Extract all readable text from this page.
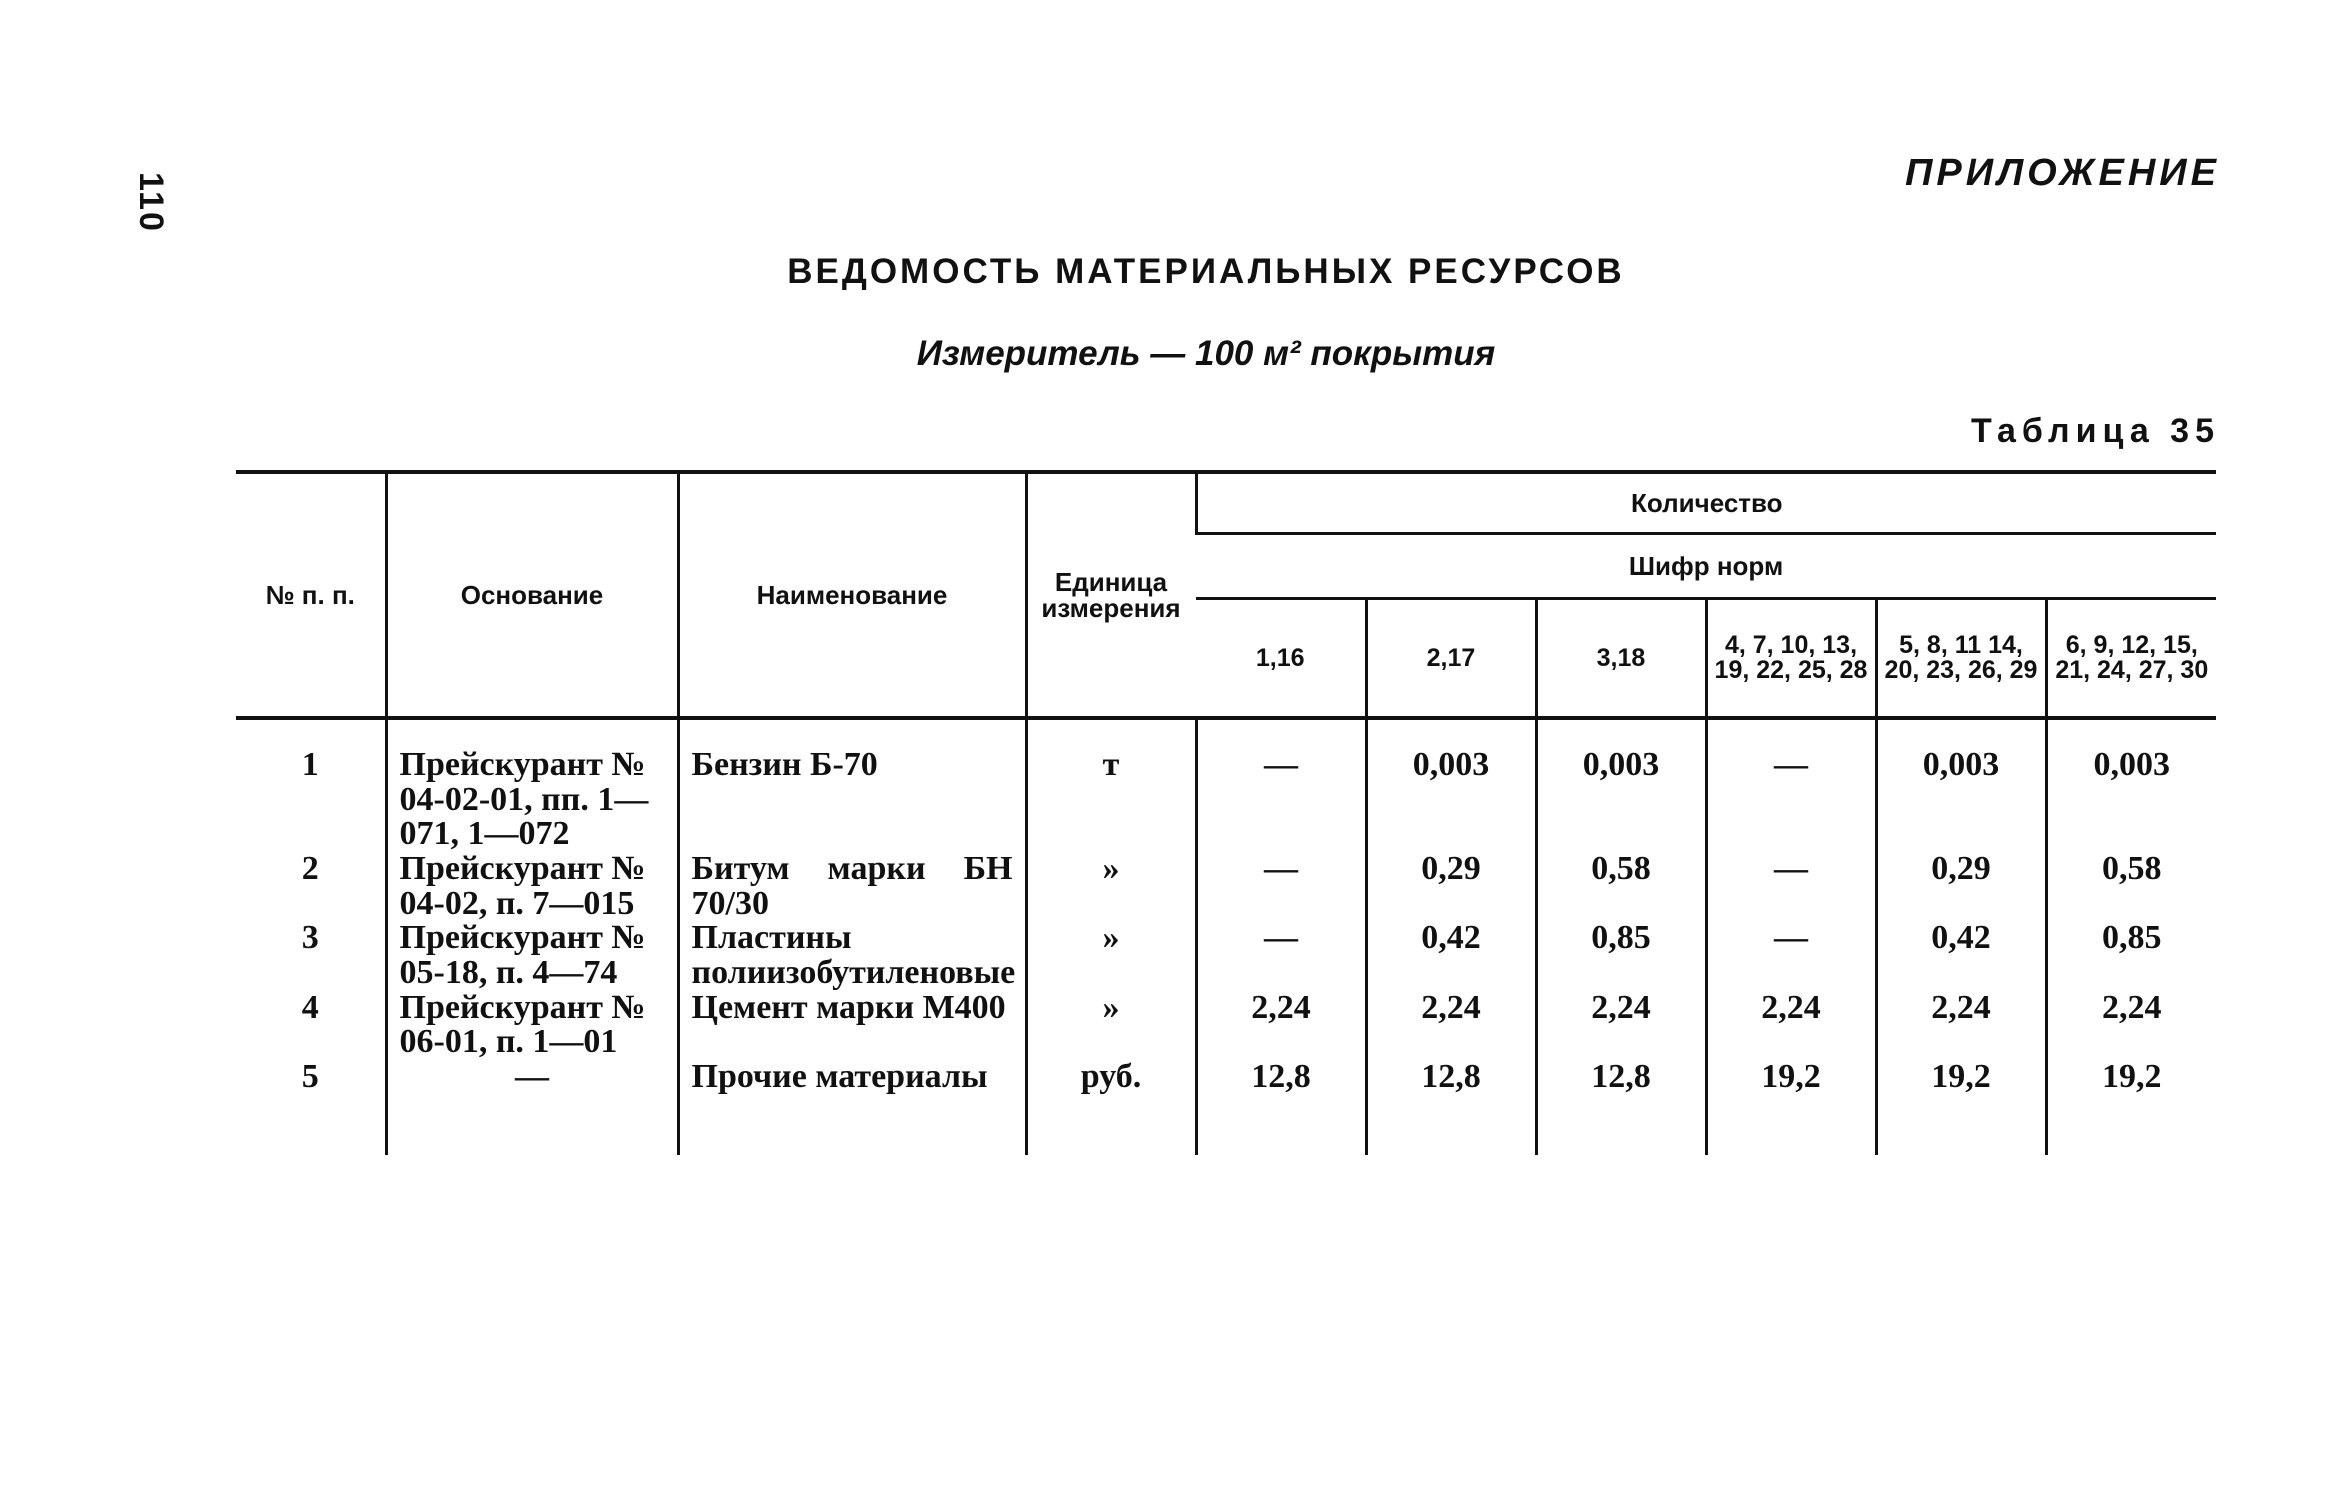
110	ПРИЛОЖЕНИЕ
ВЕДОМОСТЬ МАТЕРИАЛЬНЫХ РЕСУРСОВ
Измеритель — 100 м² покрытия
Таблица 35
№ п. п.	Основание	Наименование	Единица измерения	Количество					
				Шифр норм					
				1,16	2,17	3,18	4, 7, 10, 13, 19, 22, 25, 28	5, 8, 11 14, 20, 23, 26, 29	6, 9, 12, 15, 21, 24, 27, 30
1	Прейскурант № 04-02-01, пп. 1—071, 1—072	Бензин Б-70	т	—	0,003	0,003	—	0,003	0,003
2	Прейскурант № 04-02, п. 7—015	Битум марки БН 70/30	»	—	0,29	0,58	—	0,29	0,58
3	Прейскурант № 05-18, п. 4—74	Пластины полиизобутиленовые	»	—	0,42	0,85	—	0,42	0,85
4	Прейскурант № 06-01, п. 1—01	Цемент марки М400	»	2,24	2,24	2,24	2,24	2,24	2,24
5	—	Прочие материалы	руб.	12,8	12,8	12,8	19,2	19,2	19,2
